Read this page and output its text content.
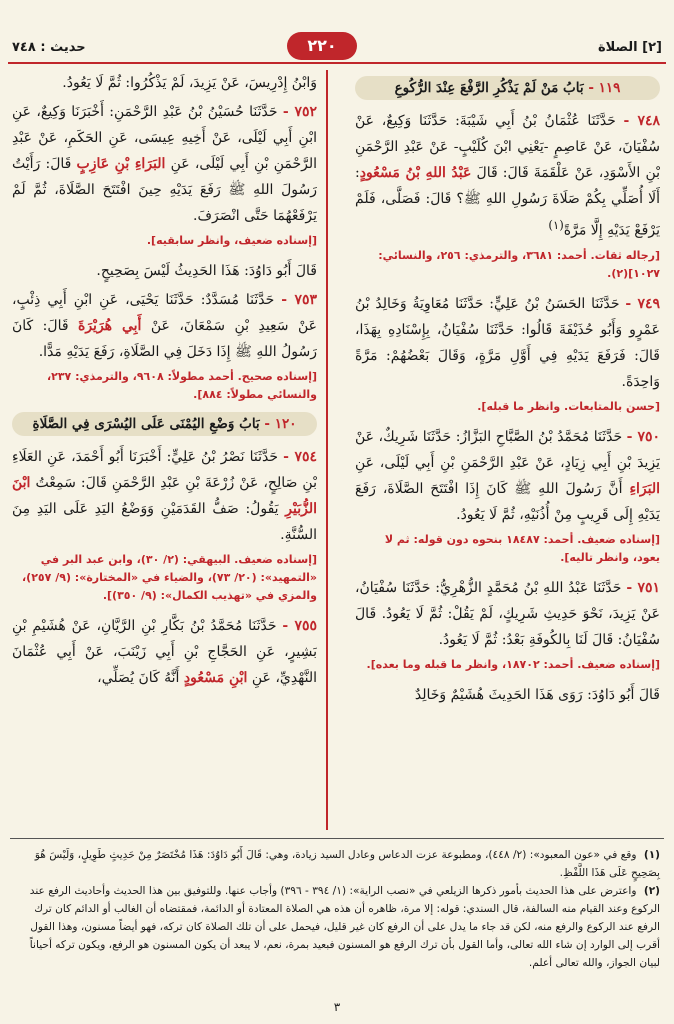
[٢] الصلاة
٢٢٠
حديث : ٧٤٨
١١٩ - بَابُ مَنْ لَمْ يَذْكُرِ الرَّفْعَ عِنْدَ الرُّكُوعِ

٧٤٨ - حَدَّثَنَا عُثْمَانُ بْنُ أَبِي شَيْبَةَ: حَدَّثَنَا وَكِيعٌ، عَنْ سُفْيَانَ، عَنْ عَاصِمٍ -يَعْنِي ابْنَ كُلَيْبٍ- عَنْ عَبْدِ الرَّحْمَنِ بْنِ الأَسْوَدِ، عَنْ عَلْقَمَةَ قَالَ: قَالَ عَبْدُ اللهِ بْنُ مَسْعُودٍ: أَلَا أُصَلِّي بِكُمْ صَلَاةَ رَسُولِ اللهِ ﷺ؟ قَالَ: فَصَلَّى، فَلَمْ يَرْفَعْ يَدَيْهِ إِلَّا مَرَّةً$^{(١)}$

[رجاله ثقات. أحمد: ٣٦٨١، والترمذي: ٢٥٦، والنسائي: ١٠٢٧](٢).

٧٤٩ - حَدَّثَنَا الحَسَنُ بْنُ عَلِيٍّ: حَدَّثَنَا مُعَاوِيَةُ وَخَالِدُ بْنُ عَمْرٍو وَأَبُو حُذَيْفَةَ قَالُوا: حَدَّثَنَا سُفْيَانُ، بِإِسْنَادِهِ بِهَذَا، قَالَ: فَرَفَعَ يَدَيْهِ فِي أَوَّلِ مَرَّةٍ، وَقَالَ بَعْضُهُمْ: مَرَّةً وَاحِدَةً.

[حسن بالمتابعات. وانظر ما قبله].

٧٥٠ - حَدَّثَنَا مُحَمَّدُ بْنُ الصَّبَّاحِ البَزَّازُ: حَدَّثَنَا شَرِيكٌ، عَنْ يَزِيدَ بْنِ أَبِي زِيَادٍ، عَنْ عَبْدِ الرَّحْمَنِ بْنِ أَبِي لَيْلَى، عَنِ البَرَاءِ أَنَّ رَسُولَ اللهِ ﷺ كَانَ إِذَا افْتَتَحَ الصَّلَاةَ، رَفَعَ يَدَيْهِ إِلَى قَرِيبٍ مِنْ أُذُنَيْهِ، ثُمَّ لَا يَعُودُ.

[إسناده ضعيف. أحمد: ١٨٤٨٧ بنحوه دون قوله: ثم لا يعود، وانظر تاليه].

٧٥١ - حَدَّثَنَا عَبْدُ اللهِ بْنُ مُحَمَّدٍ الزُّهْرِيُّ: حَدَّثَنَا سُفْيَانُ، عَنْ يَزِيدَ، نَحْوَ حَدِيثِ شَرِيكٍ، لَمْ يَقُلْ: ثُمَّ لَا يَعُودُ. قَالَ سُفْيَانُ: قَالَ لَنَا بِالكُوفَةِ بَعْدُ: ثُمَّ لَا يَعُودُ.

[إسناده ضعيف. أحمد: ١٨٧٠٢، وانظر ما قبله وما بعده].

قَالَ أَبُو دَاوُدَ: رَوَى هَذَا الحَدِيثَ هُشَيْمٌ وَخَالِدٌ

وَابْنُ إِدْرِيسَ، عَنْ يَزِيدَ، لَمْ يَذْكُرُوا: ثُمَّ لَا يَعُودُ.

٧٥٢ - حَدَّثَنَا حُسَيْنُ بْنُ عَبْدِ الرَّحْمَنِ: أَخْبَرَنَا وَكِيعٌ، عَنِ ابْنِ أَبِي لَيْلَى، عَنْ أَخِيهِ عِيسَى، عَنِ الحَكَمِ، عَنْ عَبْدِ الرَّحْمَنِ بْنِ أَبِي لَيْلَى، عَنِ البَرَاءِ بْنِ عَازِبٍ قَالَ: رَأَيْتُ رَسُولَ اللهِ ﷺ رَفَعَ يَدَيْهِ حِينَ افْتَتَحَ الصَّلَاةَ، ثُمَّ لَمْ يَرْفَعْهُمَا حَتَّى انْصَرَفَ.

[إسناده ضعيف، وانظر سابقيه].

قَالَ أَبُو دَاوُدَ: هَذَا الحَدِيثُ لَيْسَ بِصَحِيحٍ.

٧٥٣ - حَدَّثَنَا مُسَدَّدٌ: حَدَّثَنَا يَحْيَى، عَنِ ابْنِ أَبِي ذِئْبٍ، عَنْ سَعِيدِ بْنِ سَمْعَانَ، عَنْ أَبِي هُرَيْرَةَ قَالَ: كَانَ رَسُولُ اللهِ ﷺ إِذَا دَخَلَ فِي الصَّلَاةِ، رَفَعَ يَدَيْهِ مَدًّا.

[إسناده صحيح. أحمد مطولاً: ٩٦٠٨، والترمذي: ٢٣٧، والنسائي مطولاً: ٨٨٤].
١٢٠ - بَابُ وَضْعِ اليُمْنَى عَلَى اليُسْرَى فِي الصَّلَاةِ

٧٥٤ - حَدَّثَنَا نَصْرُ بْنُ عَلِيٍّ: أَخْبَرَنَا أَبُو أَحْمَدَ، عَنِ العَلَاءِ بْنِ صَالِحٍ، عَنْ زُرْعَةَ بْنِ عَبْدِ الرَّحْمَنِ قَالَ: سَمِعْتُ ابْنَ الزُّبَيْرِ يَقُولُ: صَفُّ القَدَمَيْنِ وَوَضْعُ اليَدِ عَلَى اليَدِ مِنَ السُّنَّةِ.

[إسناده ضعيف. البيهقي: (٢/ ٣٠)، وابن عبد البر في «التمهيد»: (٢٠/ ٧٣)، والضياء في «المختارة»: (٩/ ٢٥٧)، والمزي في «تهذيب الكمال»: (٩/ ٣٥٠)].

٧٥٥ - حَدَّثَنَا مُحَمَّدُ بْنُ بَكَّارِ بْنِ الرَّيَّانِ، عَنْ هُشَيْمِ بْنِ بَشِيرٍ، عَنِ الحَجَّاجِ بْنِ أَبِي زَيْنَبَ، عَنْ أَبِي عُثْمَانَ النَّهْدِيِّ، عَنِ ابْنِ مَسْعُودٍ أَنَّهُ كَانَ يُصَلِّي،

(١) وقع في «عون المعبود»: (٢/ ٤٤٨)، ومطبوعة عزت الدعاس وعادل السيد زيادة، وهي: قَالَ أَبُو دَاوُدَ: هَذَا مُخْتَصَرٌ مِنْ حَدِيثٍ طَوِيلٍ، وَلَيْسَ هُوَ بِصَحِيحٍ عَلَى هَذَا اللَّفْظِ.
(٢) واعترض على هذا الحديث بأمور ذكرها الزيلعي في «نصب الراية»: (١/ ٣٩٤ - ٣٩٦) وأجاب عنها. وللتوفيق بين هذا الحديث وأحاديث الرفع عند الركوع وعند القيام منه السالفة، قال السندي: قوله: إلا مرة، ظاهره أن هذه هي الصلاة المعتادة أو الدائمة، فمقتضاه أن الغالب أو الدائم كان ترك الرفع عند الركوع والرفع منه، لكن قد جاء ما يدل على أن الرفع كان غير قليل، فيحمل على أن تلك الصلاة كان تركه، فهو أيضاً مسنون، وهذا القول أقرب إلى الوارد إن شاء الله تعالى، وأما القول بأن ترك الرفع هو المسنون فبعيد بمرة، نعم، لا يبعد أن يكون المسنون هو الرفع، ويكون تركه أحياناً لبيان الجواز، والله تعالى أعلم.
٣
